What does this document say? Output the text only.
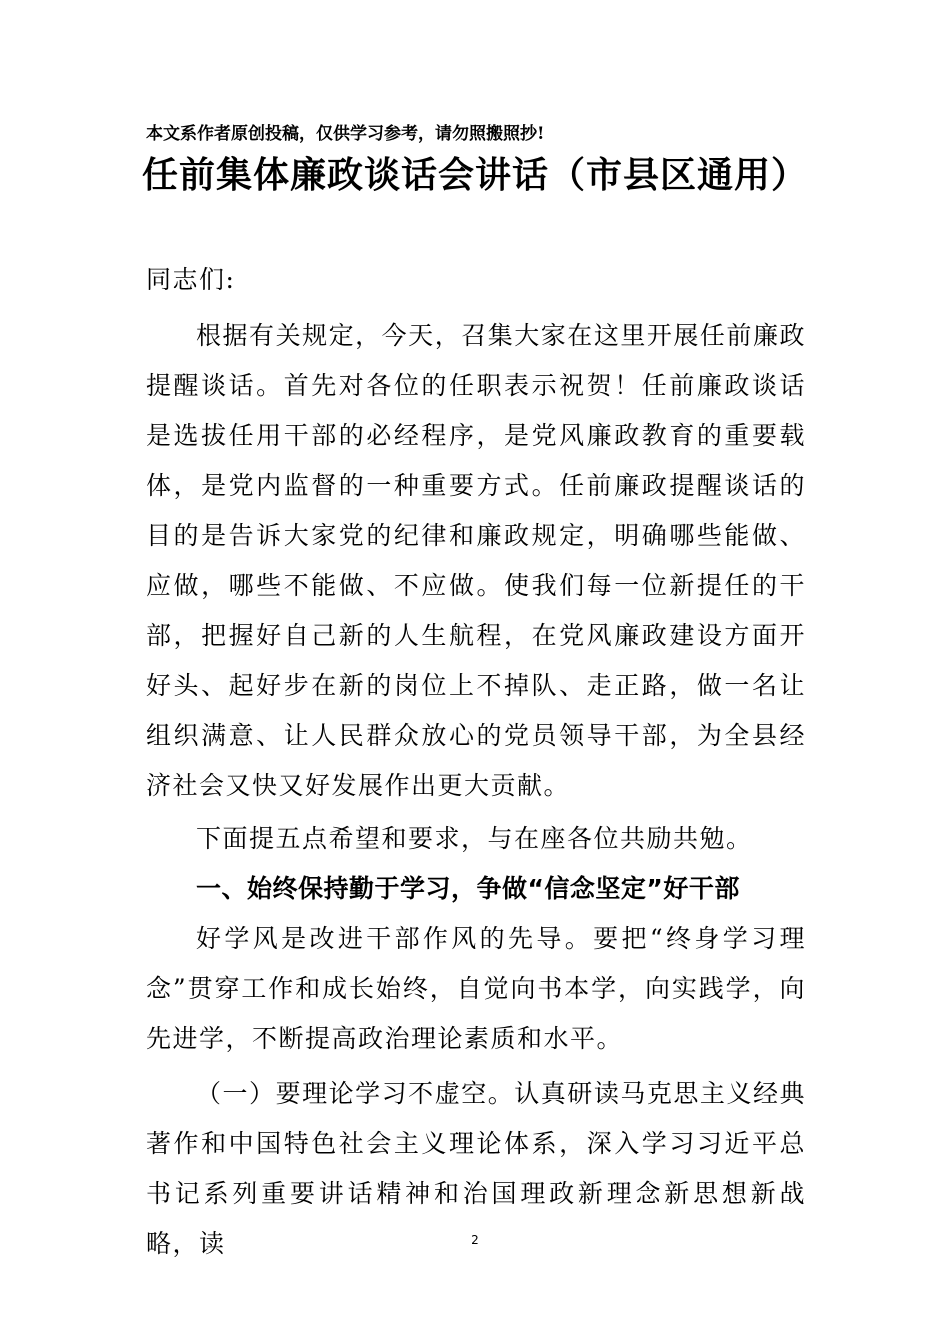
本文系作者原创投稿，仅供学习参考，请勿照搬照抄!
任前集体廉政谈话会讲话（市县区通用）

同志们:

根据有关规定，今天，召集大家在这里开展任前廉政提醒谈话。首先对各位的任职表示祝贺！任前廉政谈话是选拔任用干部的必经程序，是党风廉政教育的重要载体，是党内监督的一种重要方式。任前廉政提醒谈话的目的是告诉大家党的纪律和廉政规定，明确哪些能做、应做，哪些不能做、不应做。使我们每一位新提任的干部，把握好自己新的人生航程，在党风廉政建设方面开好头、起好步在新的岗位上不掉队、走正路，做一名让组织满意、让人民群众放心的党员领导干部，为全县经济社会又快又好发展作出更大贡献。

下面提五点希望和要求，与在座各位共励共勉。

一、始终保持勤于学习，争做“信念坚定”好干部

好学风是改进干部作风的先导。要把“终身学习理念”贯穿工作和成长始终，自觉向书本学，向实践学，向先进学，不断提高政治理论素质和水平。

（一）要理论学习不虚空。认真研读马克思主义经典著作和中国特色社会主义理论体系，深入学习习近平总书记系列重要讲话精神和治国理政新理念新思想新战略，读	2
